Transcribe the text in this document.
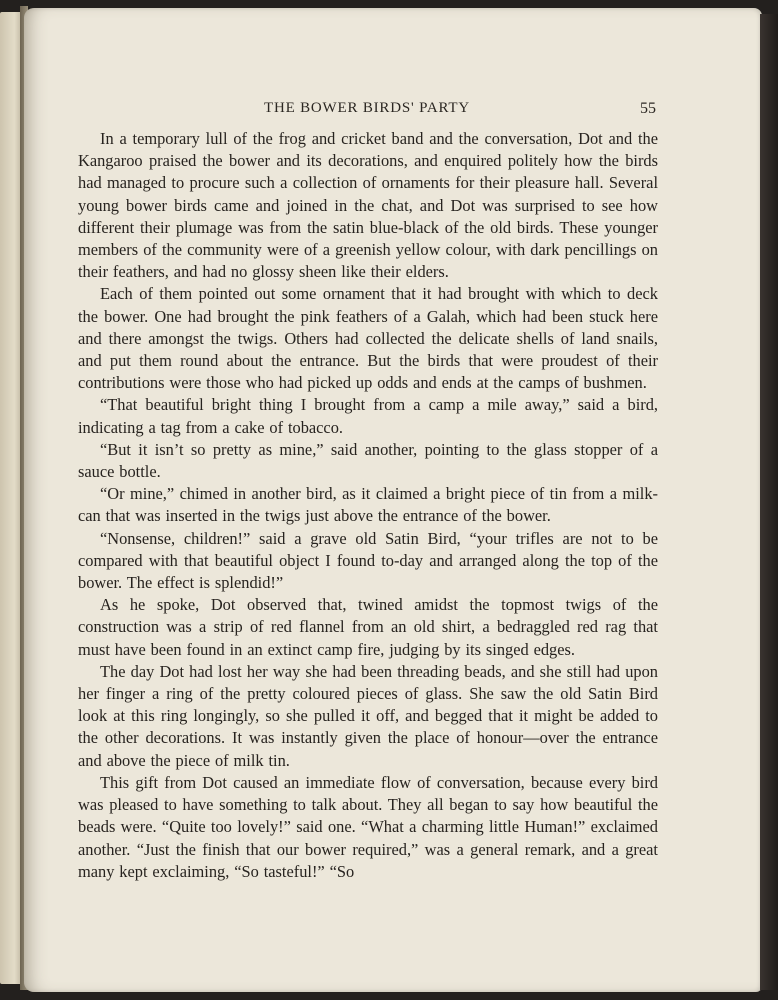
THE BOWER BIRDS' PARTY	55

In a temporary lull of the frog and cricket band and the conversation, Dot and the Kangaroo praised the bower and its decorations, and enquired politely how the birds had managed to procure such a collection of ornaments for their pleasure hall. Several young bower birds came and joined in the chat, and Dot was surprised to see how different their plumage was from the satin blue-black of the old birds. These younger members of the community were of a greenish yellow colour, with dark pencillings on their feathers, and had no glossy sheen like their elders.

Each of them pointed out some ornament that it had brought with which to deck the bower. One had brought the pink feathers of a Galah, which had been stuck here and there amongst the twigs. Others had collected the delicate shells of land snails, and put them round about the entrance. But the birds that were proudest of their contributions were those who had picked up odds and ends at the camps of bushmen.

“That beautiful bright thing I brought from a camp a mile away,” said a bird, indicating a tag from a cake of tobacco.

“But it isn’t so pretty as mine,” said another, pointing to the glass stopper of a sauce bottle.

“Or mine,” chimed in another bird, as it claimed a bright piece of tin from a milk-can that was inserted in the twigs just above the entrance of the bower.

“Nonsense, children!” said a grave old Satin Bird, “your trifles are not to be compared with that beautiful object I found to-day and arranged along the top of the bower. The effect is splendid!”

As he spoke, Dot observed that, twined amidst the topmost twigs of the construction was a strip of red flannel from an old shirt, a bedraggled red rag that must have been found in an extinct camp fire, judging by its singed edges.

The day Dot had lost her way she had been threading beads, and she still had upon her finger a ring of the pretty coloured pieces of glass. She saw the old Satin Bird look at this ring longingly, so she pulled it off, and begged that it might be added to the other decorations. It was instantly given the place of honour—over the entrance and above the piece of milk tin.

This gift from Dot caused an immediate flow of conversation, because every bird was pleased to have something to talk about. They all began to say how beautiful the beads were. “Quite too lovely!” said one. “What a charming little Human!” exclaimed another. “Just the finish that our bower required,” was a general remark, and a great many kept exclaiming, “So tasteful!” “So
